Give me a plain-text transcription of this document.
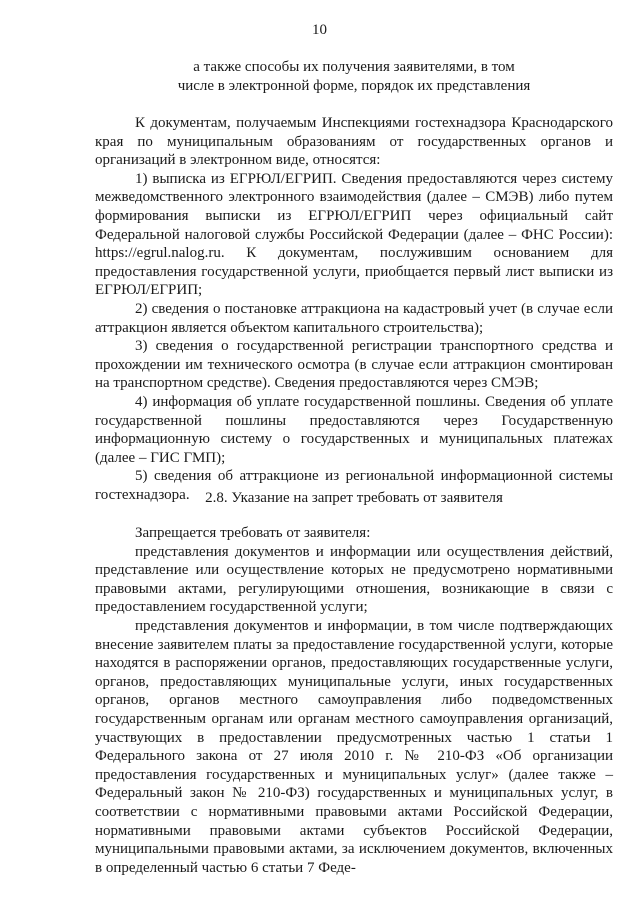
10
а также способы их получения заявителями, в том
числе в электронной форме, порядок их представления

К документам, получаемым Инспекциями гостехнадзора Краснодарского края по муниципальным образованиям от государственных органов и организаций в электронном виде, относятся:

1) выписка из ЕГРЮЛ/ЕГРИП. Сведения предоставляются через систему межведомственного электронного взаимодействия (далее – СМЭВ) либо путем формирования выписки из ЕГРЮЛ/ЕГРИП через официальный сайт Федеральной налоговой службы Российской Федерации (далее – ФНС России): https://egrul.nalog.ru. К документам, послужившим основанием для предоставления государственной услуги, приобщается первый лист выписки из ЕГРЮЛ/ЕГРИП;

2) сведения о постановке аттракциона на кадастровый учет (в случае если аттракцион является объектом капитального строительства);

3) сведения о государственной регистрации транспортного средства и прохождении им технического осмотра (в случае если аттракцион смонтирован на транспортном средстве). Сведения предоставляются через СМЭВ;

4) информация об уплате государственной пошлины. Сведения об уплате государственной пошлины предоставляются через Государственную информационную систему о государственных и муниципальных платежах (далее – ГИС ГМП);

5) сведения об аттракционе из региональной информационной системы гостехнадзора.	2.8. Указание на запрет требовать от заявителя

Запрещается требовать от заявителя:

представления документов и информации или осуществления действий, представление или осуществление которых не предусмотрено нормативными правовыми актами, регулирующими отношения, возникающие в связи с предоставлением государственной услуги;

представления документов и информации, в том числе подтверждающих внесение заявителем платы за предоставление государственной услуги, которые находятся в распоряжении органов, предоставляющих государственные услуги, органов, предоставляющих муниципальные услуги, иных государственных органов, органов местного самоуправления либо подведомственных государственным органам или органам местного самоуправления организаций, участвующих в предоставлении предусмотренных частью 1 статьи 1 Федерального закона от 27 июля 2010 г. № 210-ФЗ «Об организации предоставления государственных и муниципальных услуг» (далее также – Федеральный закон № 210-ФЗ) государственных и муниципальных услуг, в соответствии с нормативными правовыми актами Российской Федерации, нормативными правовыми актами субъектов Российской Федерации, муниципальными правовыми актами, за исключением документов, включенных в определенный частью 6 статьи 7 Феде-
